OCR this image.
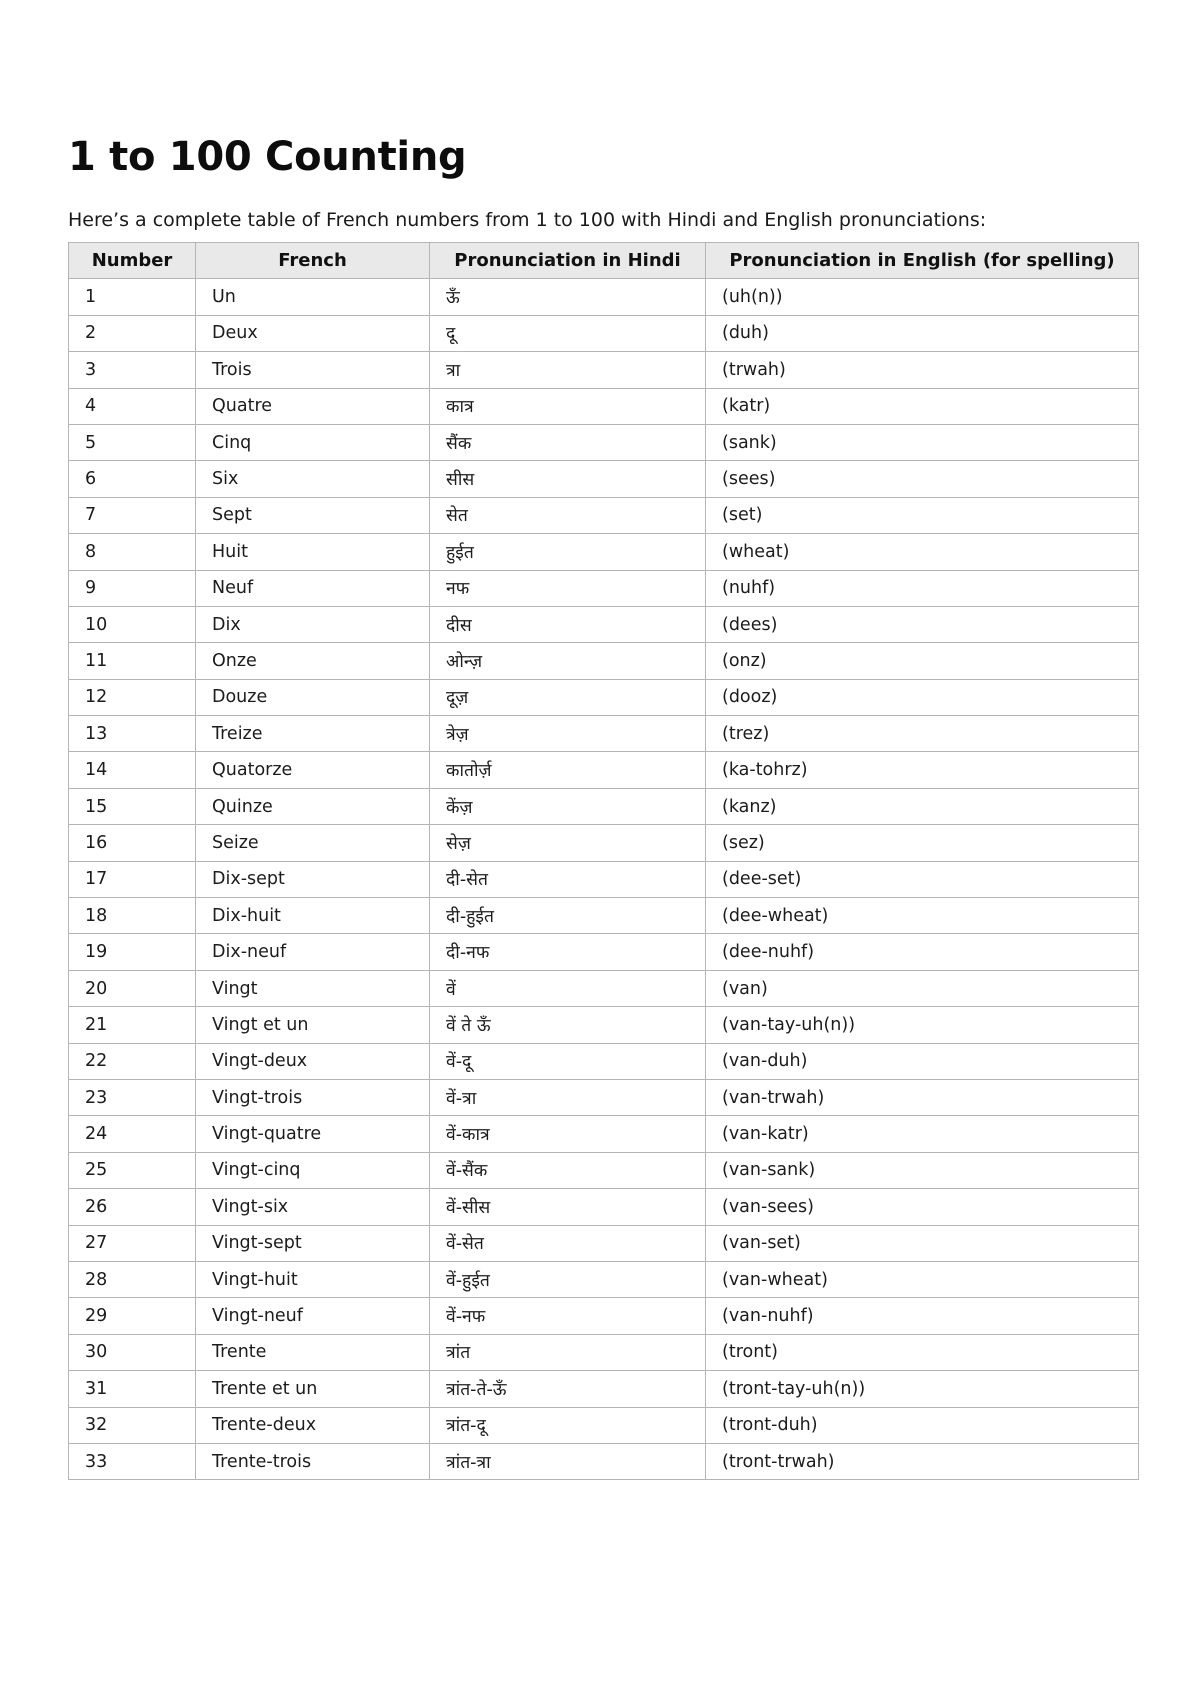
1 to 100 Counting

Here’s a complete table of French numbers from 1 to 100 with Hindi and English pronunciations:

Number	French	Pronunciation in Hindi	Pronunciation in English (for spelling)
1	Un	ऊँ	(uh(n))
2	Deux	दू	(duh)
3	Trois	त्रा	(trwah)
4	Quatre	कात्र	(katr)
5	Cinq	सैंक	(sank)
6	Six	सीस	(sees)
7	Sept	सेत	(set)
8	Huit	हुईत	(wheat)
9	Neuf	नफ	(nuhf)
10	Dix	दीस	(dees)
11	Onze	ओन्ज़	(onz)
12	Douze	दूज़	(dooz)
13	Treize	त्रेज़	(trez)
14	Quatorze	कातोर्ज़	(ka-tohrz)
15	Quinze	केंज़	(kanz)
16	Seize	सेज़	(sez)
17	Dix-sept	दी-सेत	(dee-set)
18	Dix-huit	दी-हुईत	(dee-wheat)
19	Dix-neuf	दी-नफ	(dee-nuhf)
20	Vingt	वें	(van)
21	Vingt et un	वें ते ऊँ	(van-tay-uh(n))
22	Vingt-deux	वें-दू	(van-duh)
23	Vingt-trois	वें-त्रा	(van-trwah)
24	Vingt-quatre	वें-कात्र	(van-katr)
25	Vingt-cinq	वें-सैंक	(van-sank)
26	Vingt-six	वें-सीस	(van-sees)
27	Vingt-sept	वें-सेत	(van-set)
28	Vingt-huit	वें-हुईत	(van-wheat)
29	Vingt-neuf	वें-नफ	(van-nuhf)
30	Trente	त्रांत	(tront)
31	Trente et un	त्रांत-ते-ऊँ	(tront-tay-uh(n))
32	Trente-deux	त्रांत-दू	(tront-duh)
33	Trente-trois	त्रांत-त्रा	(tront-trwah)
